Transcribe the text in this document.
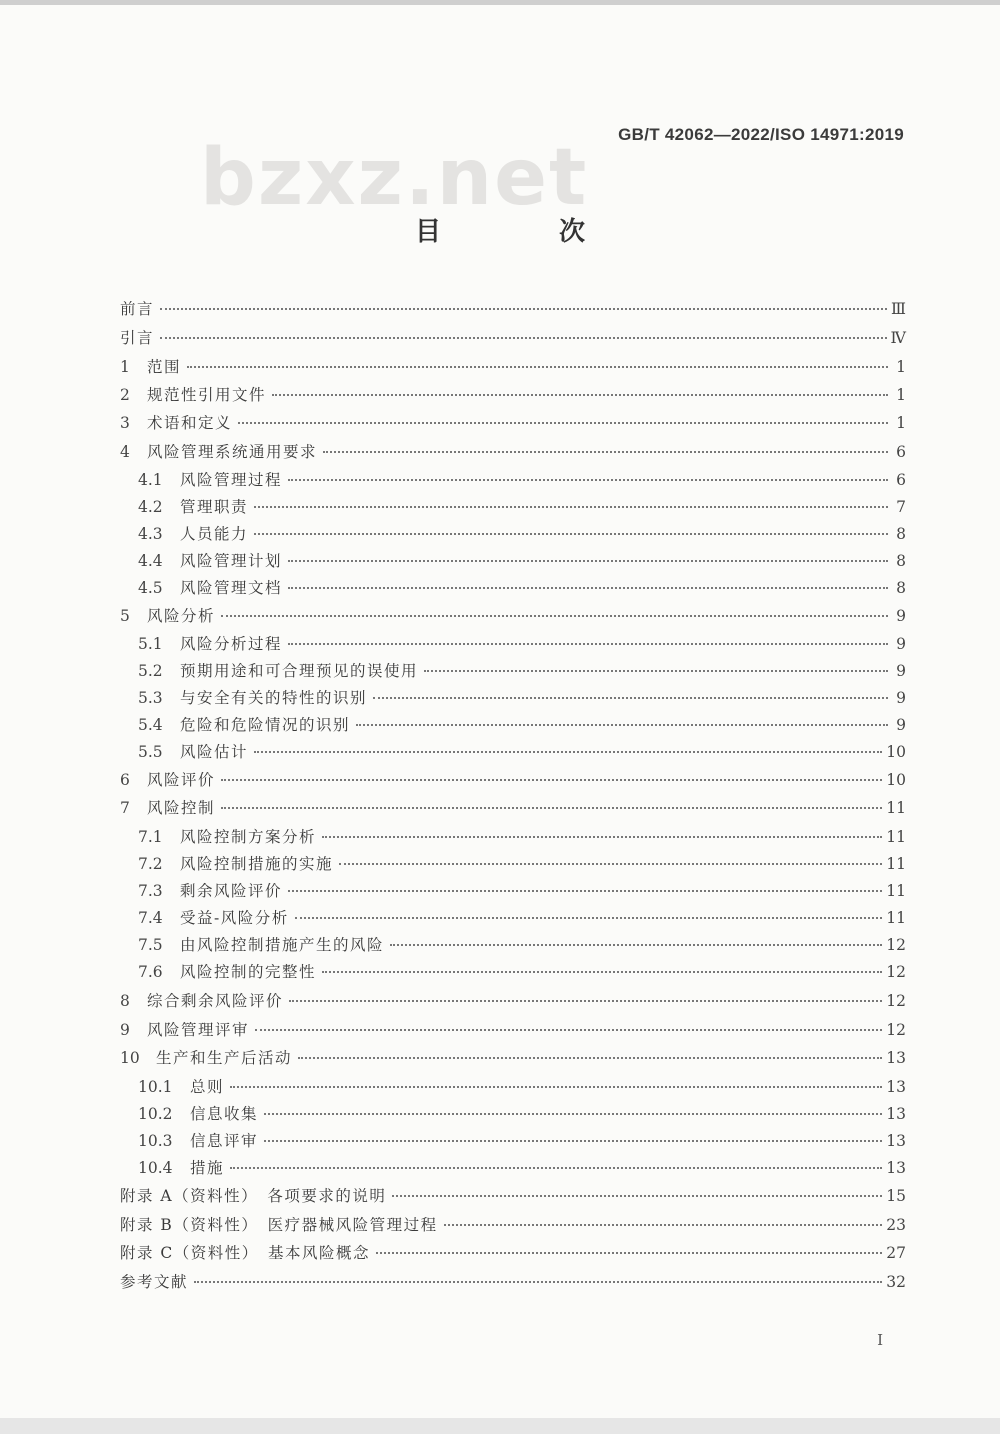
bzxz.net GB/T 42062—2022/ISO 14971:2019
目　次
前言	Ⅲ
引言	Ⅳ
1	范围	1
2	规范性引用文件	1
3	术语和定义	1
4	风险管理系统通用要求	6
4.1	风险管理过程	6
4.2	管理职责	7
4.3	人员能力	8
4.4	风险管理计划	8
4.5	风险管理文档	8
5	风险分析	9
5.1	风险分析过程	9
5.2	预期用途和可合理预见的误使用	9
5.3	与安全有关的特性的识别	9
5.4	危险和危险情况的识别	9
5.5	风险估计	10
6	风险评价	10
7	风险控制	11
7.1	风险控制方案分析	11
7.2	风险控制措施的实施	11
7.3	剩余风险评价	11
7.4	受益-风险分析	11
7.5	由风险控制措施产生的风险	12
7.6	风险控制的完整性	12
8	综合剩余风险评价	12
9	风险管理评审	12
10	生产和生产后活动	13
10.1	总则	13
10.2	信息收集	13
10.3	信息评审	13
10.4	措施	13
附录 A（资料性）　各项要求的说明	15
附录 B（资料性）　医疗器械风险管理过程	23
附录 C（资料性）　基本风险概念	27
参考文献	32
I
